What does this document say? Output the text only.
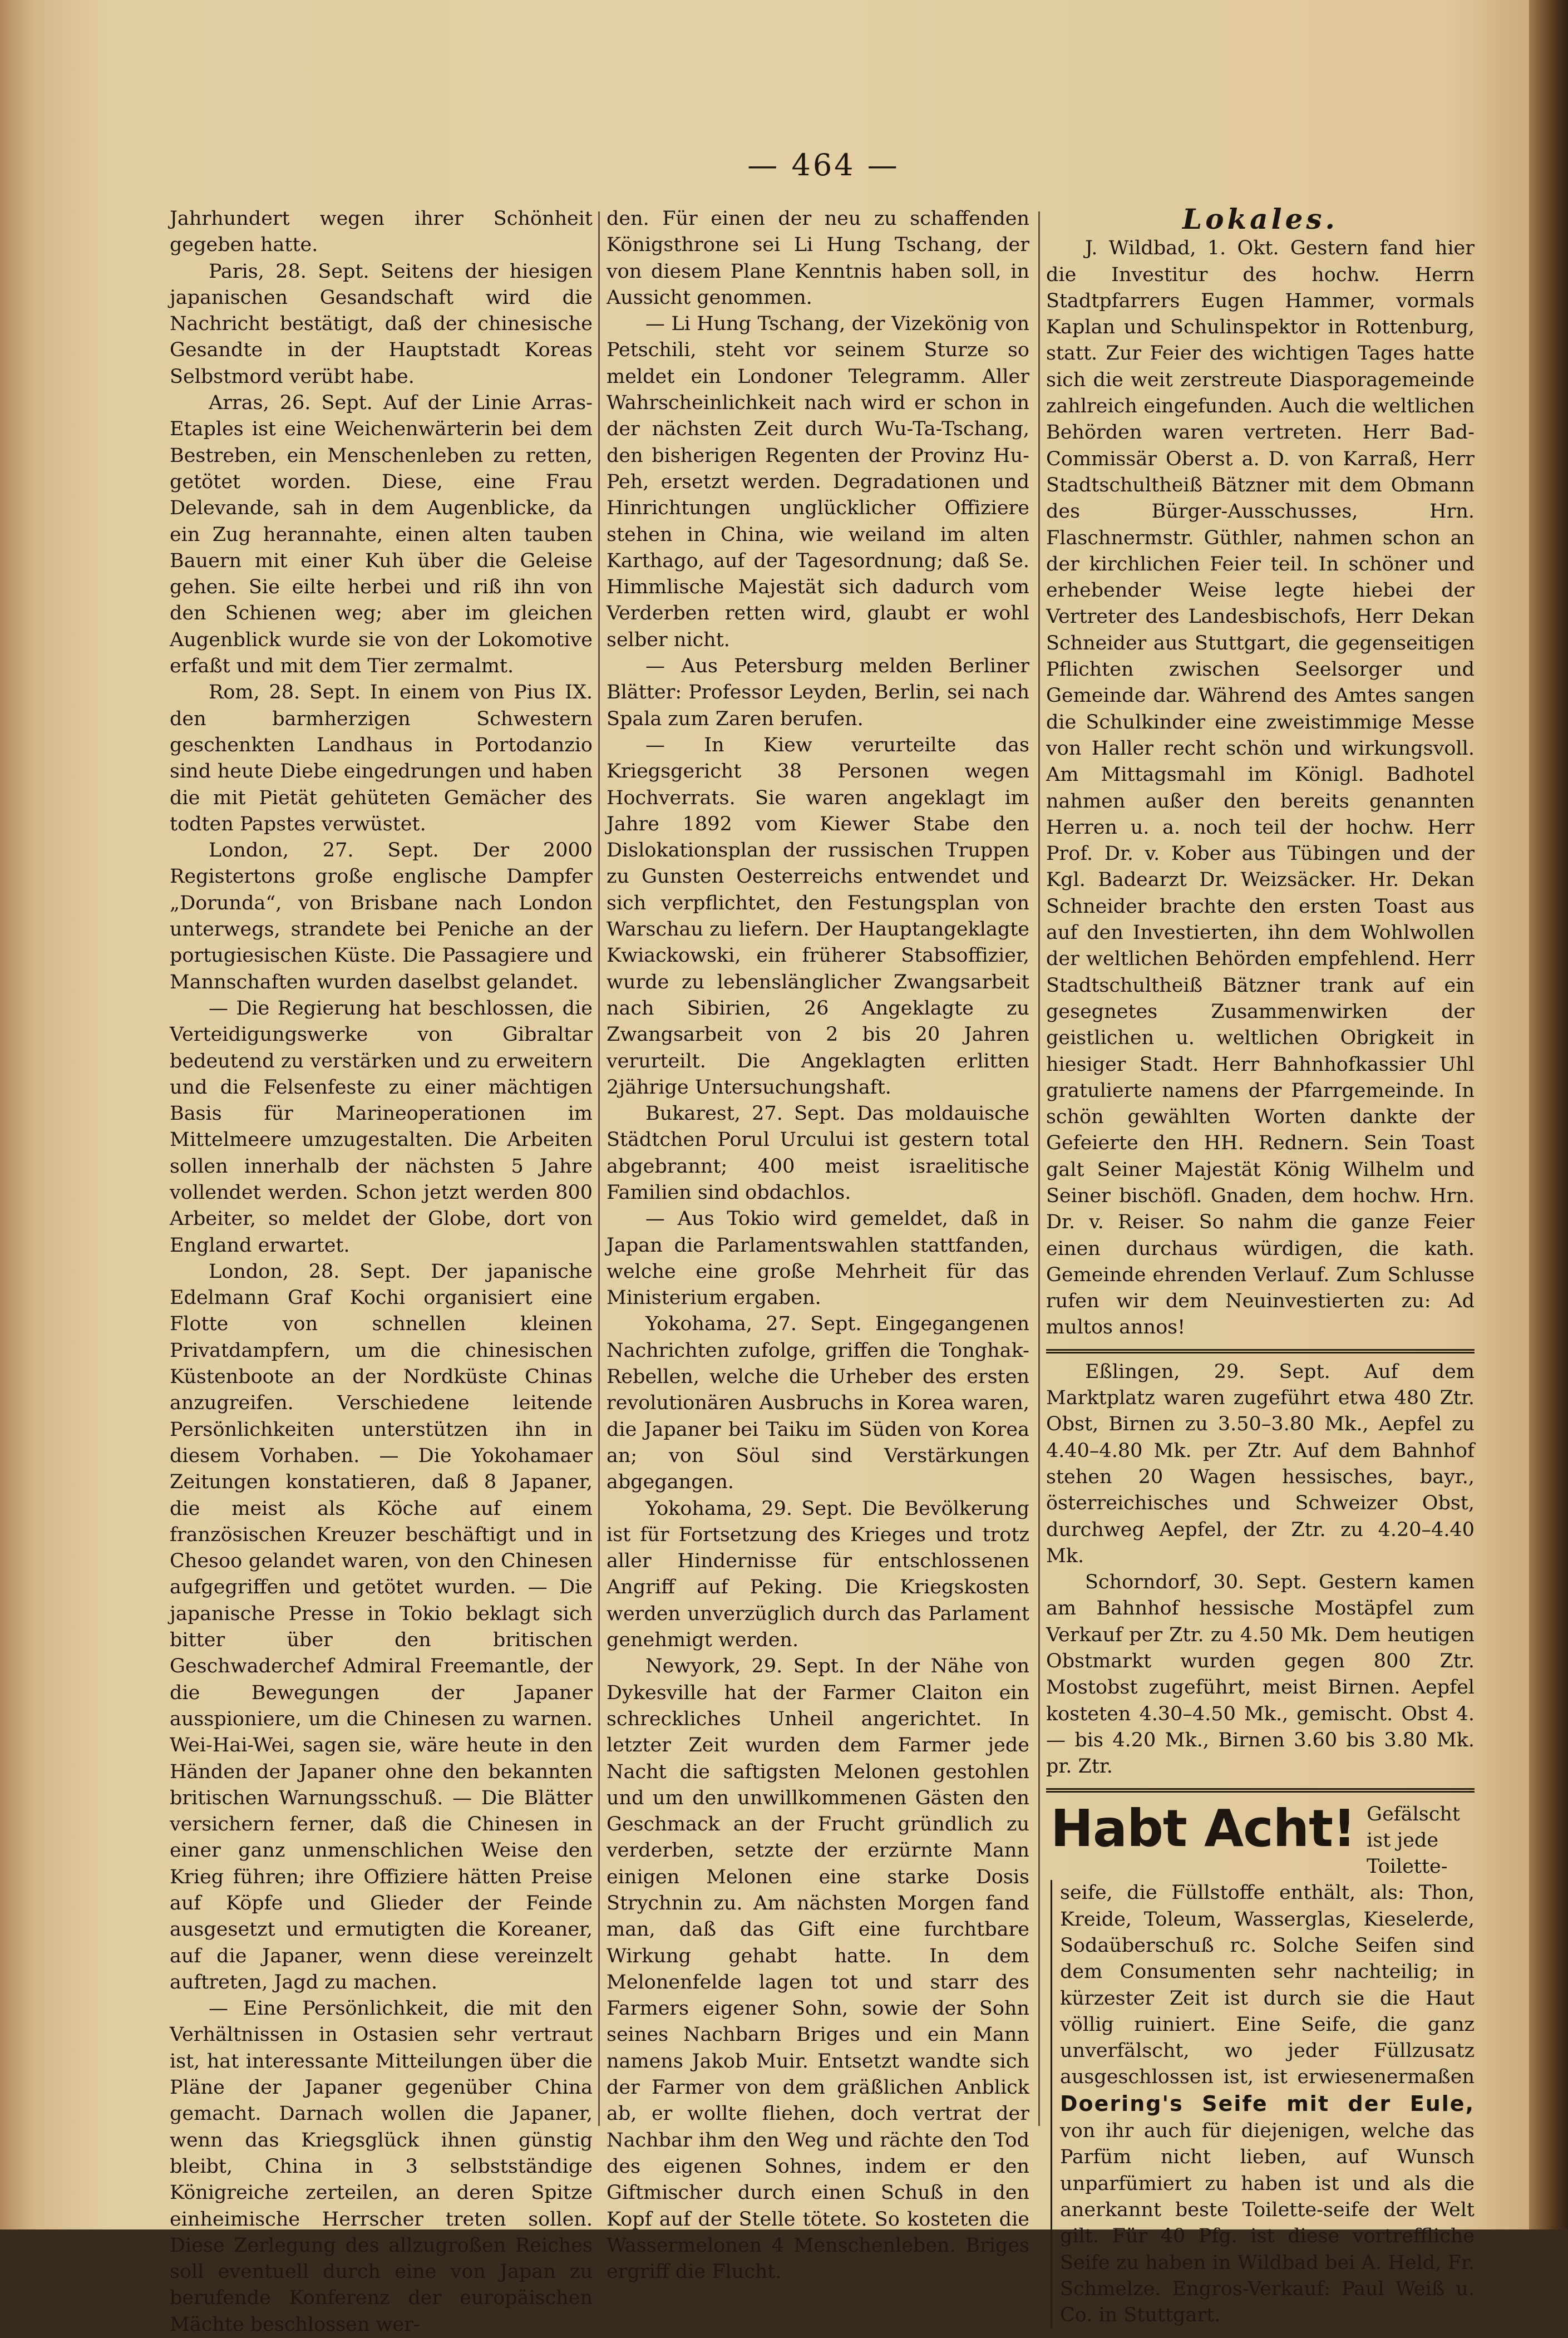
— 464 —

Jahrhundert wegen ihrer Schönheit gegeben hatte.

Paris, 28. Sept. Seitens der hiesigen japanischen Gesandschaft wird die Nachricht bestätigt, daß der chinesische Gesandte in der Hauptstadt Koreas Selbstmord verübt habe.

Arras, 26. Sept. Auf der Linie Arras-Etaples ist eine Weichenwärterin bei dem Bestreben, ein Menschenleben zu retten, getötet worden. Diese, eine Frau Delevande, sah in dem Augenblicke, da ein Zug herannahte, einen alten tauben Bauern mit einer Kuh über die Geleise gehen. Sie eilte herbei und riß ihn von den Schienen weg; aber im gleichen Augenblick wurde sie von der Lokomotive erfaßt und mit dem Tier zermalmt.

Rom, 28. Sept. In einem von Pius IX. den barmherzigen Schwestern geschenkten Landhaus in Portodanzio sind heute Diebe eingedrungen und haben die mit Pietät gehüteten Gemächer des todten Papstes verwüstet.

London, 27. Sept. Der 2000 Registertons große englische Dampfer „Dorunda“, von Brisbane nach London unterwegs, strandete bei Peniche an der portugiesischen Küste. Die Passagiere und Mannschaften wurden daselbst gelandet.

— Die Regierung hat beschlossen, die Verteidigungswerke von Gibraltar bedeutend zu verstärken und zu erweitern und die Felsenfeste zu einer mächtigen Basis für Marineoperationen im Mittelmeere umzugestalten. Die Arbeiten sollen innerhalb der nächsten 5 Jahre vollendet werden. Schon jetzt werden 800 Arbeiter, so meldet der Globe, dort von England erwartet.

London, 28. Sept. Der japanische Edelmann Graf Kochi organisiert eine Flotte von schnellen kleinen Privatdampfern, um die chinesischen Küstenboote an der Nordküste Chinas anzugreifen. Verschiedene leitende Persönlichkeiten unterstützen ihn in diesem Vorhaben. — Die Yokohamaer Zeitungen konstatieren, daß 8 Japaner, die meist als Köche auf einem französischen Kreuzer beschäftigt und in Chesoo gelandet waren, von den Chinesen aufgegriffen und getötet wurden. — Die japanische Presse in Tokio beklagt sich bitter über den britischen Geschwaderchef Admiral Freemantle, der die Bewegungen der Japaner ausspioniere, um die Chinesen zu warnen. Wei-Hai-Wei, sagen sie, wäre heute in den Händen der Japaner ohne den bekannten britischen Warnungsschuß. — Die Blätter versichern ferner, daß die Chinesen in einer ganz unmenschlichen Weise den Krieg führen; ihre Offiziere hätten Preise auf Köpfe und Glieder der Feinde ausgesetzt und ermutigten die Koreaner, auf die Japaner, wenn diese vereinzelt auftreten, Jagd zu machen.

— Eine Persönlichkeit, die mit den Verhältnissen in Ostasien sehr vertraut ist, hat interessante Mitteilungen über die Pläne der Japaner gegenüber China gemacht. Darnach wollen die Japaner, wenn das Kriegsglück ihnen günstig bleibt, China in 3 selbstständige Königreiche zerteilen, an deren Spitze einheimische Herrscher treten sollen. Diese Zerlegung des allzugroßen Reiches soll eventuell durch eine von Japan zu berufende Konferenz der europäischen Mächte beschlossen wer-

den. Für einen der neu zu schaffenden Königsthrone sei Li Hung Tschang, der von diesem Plane Kenntnis haben soll, in Aussicht genommen.

— Li Hung Tschang, der Vizekönig von Petschili, steht vor seinem Sturze so meldet ein Londoner Telegramm. Aller Wahrscheinlichkeit nach wird er schon in der nächsten Zeit durch Wu-Ta-Tschang, den bisherigen Regenten der Provinz Hu-Peh, ersetzt werden. Degradationen und Hinrichtungen unglücklicher Offiziere stehen in China, wie weiland im alten Karthago, auf der Tagesordnung; daß Se. Himmlische Majestät sich dadurch vom Verderben retten wird, glaubt er wohl selber nicht.

— Aus Petersburg melden Berliner Blätter: Professor Leyden, Berlin, sei nach Spala zum Zaren berufen.

— In Kiew verurteilte das Kriegsgericht 38 Personen wegen Hochverrats. Sie waren angeklagt im Jahre 1892 vom Kiewer Stabe den Dislokationsplan der russischen Truppen zu Gunsten Oesterreichs entwendet und sich verpflichtet, den Festungsplan von Warschau zu liefern. Der Hauptangeklagte Kwiackowski, ein früherer Stabsoffizier, wurde zu lebenslänglicher Zwangsarbeit nach Sibirien, 26 Angeklagte zu Zwangsarbeit von 2 bis 20 Jahren verurteilt. Die Angeklagten erlitten 2jährige Untersuchungshaft.

Bukarest, 27. Sept. Das moldauische Städtchen Porul Urcului ist gestern total abgebrannt; 400 meist israelitische Familien sind obdachlos.

— Aus Tokio wird gemeldet, daß in Japan die Parlamentswahlen stattfanden, welche eine große Mehrheit für das Ministerium ergaben.

Yokohama, 27. Sept. Eingegangenen Nachrichten zufolge, griffen die Tonghak-Rebellen, welche die Urheber des ersten revolutionären Ausbruchs in Korea waren, die Japaner bei Taiku im Süden von Korea an; von Söul sind Verstärkungen abgegangen.

Yokohama, 29. Sept. Die Bevölkerung ist für Fortsetzung des Krieges und trotz aller Hindernisse für entschlossenen Angriff auf Peking. Die Kriegskosten werden unverzüglich durch das Parlament genehmigt werden.

Newyork, 29. Sept. In der Nähe von Dykesville hat der Farmer Claiton ein schreckliches Unheil angerichtet. In letzter Zeit wurden dem Farmer jede Nacht die saftigsten Melonen gestohlen und um den unwillkommenen Gästen den Geschmack an der Frucht gründlich zu verderben, setzte der erzürnte Mann einigen Melonen eine starke Dosis Strychnin zu. Am nächsten Morgen fand man, daß das Gift eine furchtbare Wirkung gehabt hatte. In dem Melonenfelde lagen tot und starr des Farmers eigener Sohn, sowie der Sohn seines Nachbarn Briges und ein Mann namens Jakob Muir. Entsetzt wandte sich der Farmer von dem gräßlichen Anblick ab, er wollte fliehen, doch vertrat der Nachbar ihm den Weg und rächte den Tod des eigenen Sohnes, indem er den Giftmischer durch einen Schuß in den Kopf auf der Stelle tötete. So kosteten die Wassermelonen 4 Menschenleben. Briges ergriff die Flucht.

Lokales.

J. Wildbad, 1. Okt. Gestern fand hier die Investitur des hochw. Herrn Stadtpfarrers Eugen Hammer, vormals Kaplan und Schulinspektor in Rottenburg, statt. Zur Feier des wichtigen Tages hatte sich die weit zerstreute Diasporagemeinde zahlreich eingefunden. Auch die weltlichen Behörden waren vertreten. Herr Bad-Commissär Oberst a. D. von Karraß, Herr Stadtschultheiß Bätzner mit dem Obmann des Bürger-Ausschusses, Hrn. Flaschnermstr. Güthler, nahmen schon an der kirchlichen Feier teil. In schöner und erhebender Weise legte hiebei der Vertreter des Landesbischofs, Herr Dekan Schneider aus Stuttgart, die gegenseitigen Pflichten zwischen Seelsorger und Gemeinde dar. Während des Amtes sangen die Schulkinder eine zweistimmige Messe von Haller recht schön und wirkungsvoll. Am Mittagsmahl im Königl. Badhotel nahmen außer den bereits genannten Herren u. a. noch teil der hochw. Herr Prof. Dr. v. Kober aus Tübingen und der Kgl. Badearzt Dr. Weizsäcker. Hr. Dekan Schneider brachte den ersten Toast aus auf den Investierten, ihn dem Wohlwollen der weltlichen Behörden empfehlend. Herr Stadtschultheiß Bätzner trank auf ein gesegnetes Zusammenwirken der geistlichen u. weltlichen Obrigkeit in hiesiger Stadt. Herr Bahnhofkassier Uhl gratulierte namens der Pfarrgemeinde. In schön gewählten Worten dankte der Gefeierte den HH. Rednern. Sein Toast galt Seiner Majestät König Wilhelm und Seiner bischöfl. Gnaden, dem hochw. Hrn. Dr. v. Reiser. So nahm die ganze Feier einen durchaus würdigen, die kath. Gemeinde ehrenden Verlauf. Zum Schlusse rufen wir dem Neuinvestierten zu: Ad multos annos!

Eßlingen, 29. Sept. Auf dem Marktplatz waren zugeführt etwa 480 Ztr. Obst, Birnen zu 3.50–3.80 Mk., Aepfel zu 4.40–4.80 Mk. per Ztr. Auf dem Bahnhof stehen 20 Wagen hessisches, bayr., österreichisches und Schweizer Obst, durchweg Aepfel, der Ztr. zu 4.20–4.40 Mk.

Schorndorf, 30. Sept. Gestern kamen am Bahnhof hessische Mostäpfel zum Verkauf per Ztr. zu 4.50 Mk. Dem heutigen Obstmarkt wurden gegen 800 Ztr. Mostobst zugeführt, meist Birnen. Aepfel kosteten 4.30–4.50 Mk., gemischt. Obst 4.— bis 4.20 Mk., Birnen 3.60 bis 3.80 Mk. pr. Ztr.

Habt Acht! Gefälscht ist jede Toilette-
seife, die Füllstoffe enthält, als: Thon, Kreide, Toleum, Wasserglas, Kieselerde, Sodaüberschuß rc. Solche Seifen sind dem Consumenten sehr nachteilig; in kürzester Zeit ist durch sie die Haut völlig ruiniert. Eine Seife, die ganz unverfälscht, wo jeder Füllzusatz ausgeschlossen ist, ist erwiesenermaßen Doering's Seife mit der Eule, von ihr auch für diejenigen, welche das Parfüm nicht lieben, auf Wunsch unparfümiert zu haben ist und als die anerkannt beste Toilette-seife der Welt gilt. Für 40 Pfg. ist diese vortreffliche Seife zu haben in Wildbad bei A. Held, Fr. Schmelze. Engros-Verkauf: Paul Weiß u. Co. in Stuttgart.
